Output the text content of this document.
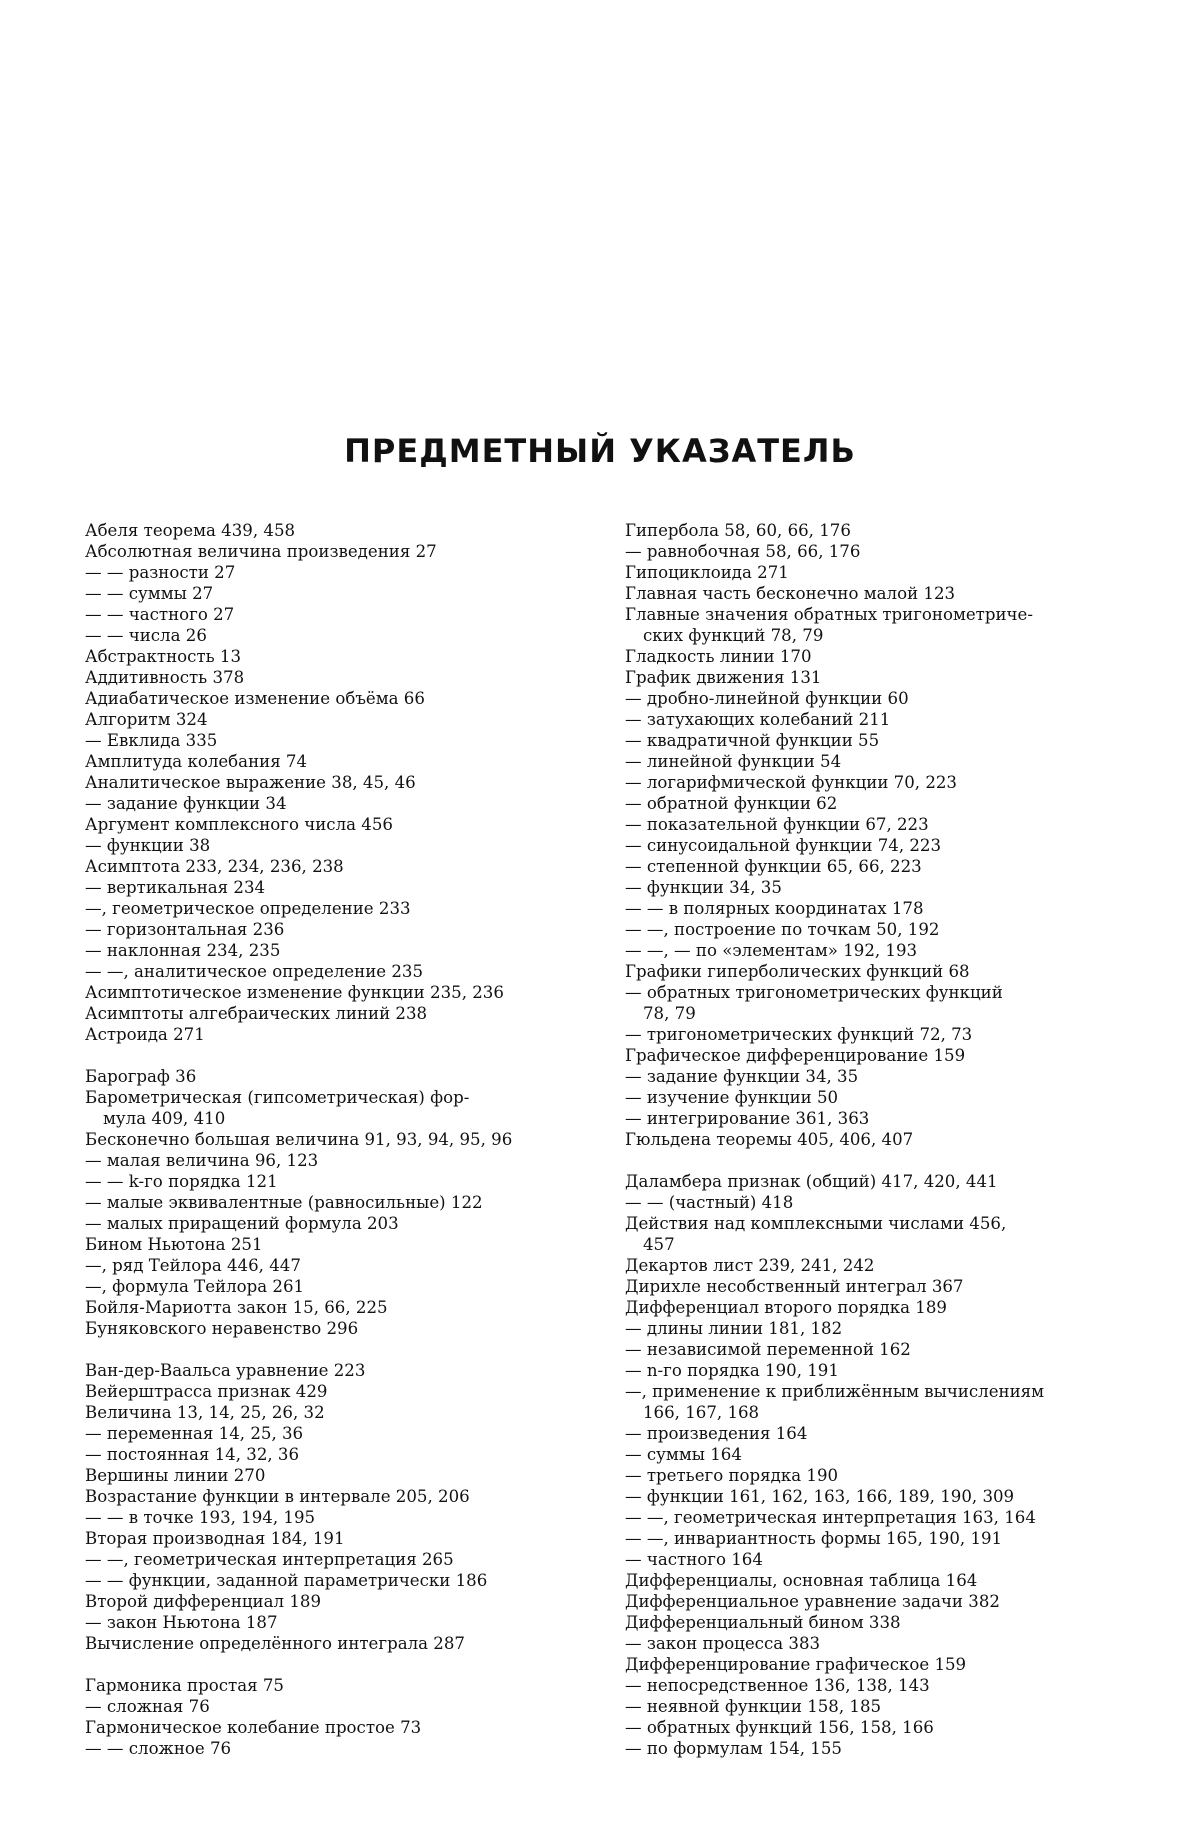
ПРЕДМЕТНЫЙ УКАЗАТЕЛЬ
Абеля теорема 439, 458
Абсолютная величина произведения 27
— — разности 27
— — суммы 27
— — частного 27
— — числа 26
Абстрактность 13
Аддитивность 378
Адиабатическое изменение объёма 66
Алгоритм 324
— Евклида 335
Амплитуда колебания 74
Аналитическое выражение 38, 45, 46
— задание функции 34
Аргумент комплексного числа 456
— функции 38
Асимптота 233, 234, 236, 238
— вертикальная 234
—, геометрическое определение 233
— горизонтальная 236
— наклонная 234, 235
— —, аналитическое определение 235
Асимптотическое изменение функции 235, 236
Асимптоты алгебраических линий 238
Астроида 271
Барограф 36
Барометрическая (гипсометрическая) фор-
мула 409, 410
Бесконечно большая величина 91, 93, 94, 95, 96
— малая величина 96, 123
— — k-го порядка 121
— малые эквивалентные (равносильные) 122
— малых приращений формула 203
Бином Ньютона 251
—, ряд Тейлора 446, 447
—, формула Тейлора 261
Бойля-Мариотта закон 15, 66, 225
Буняковского неравенство 296
Ван-дер-Ваальса уравнение 223
Вейерштрасса признак 429
Величина 13, 14, 25, 26, 32
— переменная 14, 25, 36
— постоянная 14, 32, 36
Вершины линии 270
Возрастание функции в интервале 205, 206
— — в точке 193, 194, 195
Вторая производная 184, 191
— —, геометрическая интерпретация 265
— — функции, заданной параметрически 186
Второй дифференциал 189
— закон Ньютона 187
Вычисление определённого интеграла 287
Гармоника простая 75
— сложная 76
Гармоническое колебание простое 73
— — сложное 76
Гипербола 58, 60, 66, 176
— равнобочная 58, 66, 176
Гипоциклоида 271
Главная часть бесконечно малой 123
Главные значения обратных тригонометриче-
ских функций 78, 79
Гладкость линии 170
График движения 131
— дробно-линейной функции 60
— затухающих колебаний 211
— квадратичной функции 55
— линейной функции 54
— логарифмической функции 70, 223
— обратной функции 62
— показательной функции 67, 223
— синусоидальной функции 74, 223
— степенной функции 65, 66, 223
— функции 34, 35
— — в полярных координатах 178
— —, построение по точкам 50, 192
— —, — по «элементам» 192, 193
Графики гиперболических функций 68
— обратных тригонометрических функций
78, 79
— тригонометрических функций 72, 73
Графическое дифференцирование 159
— задание функции 34, 35
— изучение функции 50
— интегрирование 361, 363
Гюльдена теоремы 405, 406, 407
Даламбера признак (общий) 417, 420, 441
— — (частный) 418
Действия над комплексными числами 456,
457
Декартов лист 239, 241, 242
Дирихле несобственный интеграл 367
Дифференциал второго порядка 189
— длины линии 181, 182
— независимой переменной 162
— n-го порядка 190, 191
—, применение к приближённым вычислениям
166, 167, 168
— произведения 164
— суммы 164
— третьего порядка 190
— функции 161, 162, 163, 166, 189, 190, 309
— —, геометрическая интерпретация 163, 164
— —, инвариантность формы 165, 190, 191
— частного 164
Дифференциалы, основная таблица 164
Дифференциальное уравнение задачи 382
Дифференциальный бином 338
— закон процесса 383
Дифференцирование графическое 159
— непосредственное 136, 138, 143
— неявной функции 158, 185
— обратных функций 156, 158, 166
— по формулам 154, 155
